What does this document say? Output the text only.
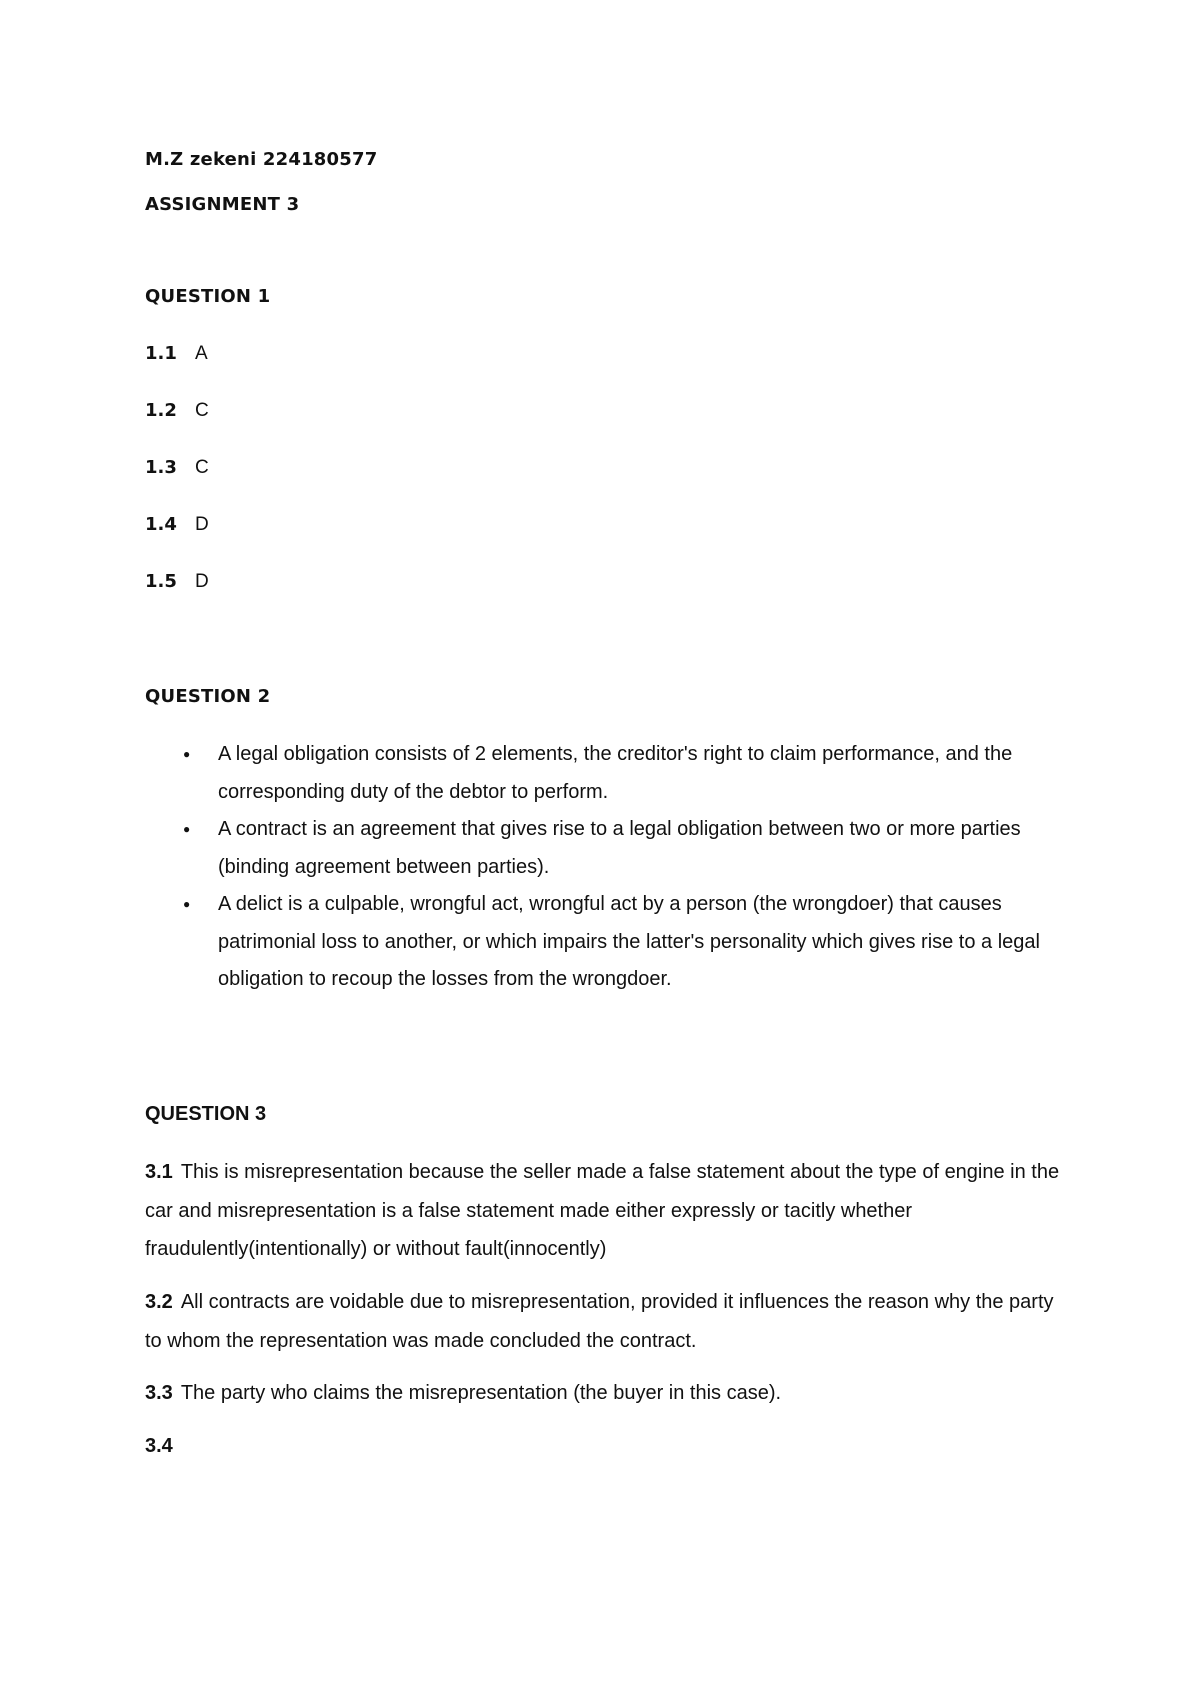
M.Z zekeni 224180577
ASSIGNMENT 3
QUESTION 1
1.1 A
1.2 C
1.3 C
1.4 D
1.5 D
QUESTION 2
● A legal obligation consists of 2 elements, the creditor's right to claim performance, and the corresponding duty of the debtor to perform.
● A contract is an agreement that gives rise to a legal obligation between two or more parties (binding agreement between parties).
● A delict is a culpable, wrongful act, wrongful act by a person (the wrongdoer) that causes patrimonial loss to another, or which impairs the latter's personality which gives rise to a legal obligation to recoup the losses from the wrongdoer.
QUESTION 3
3.1 This is misrepresentation because the seller made a false statement about the type of engine in the car and misrepresentation is a false statement made either expressly or tacitly whether fraudulently(intentionally) or without fault(innocently)
3.2 All contracts are voidable due to misrepresentation, provided it influences the reason why the party to whom the representation was made concluded the contract.
3.3 The party who claims the misrepresentation (the buyer in this case).
3.4
